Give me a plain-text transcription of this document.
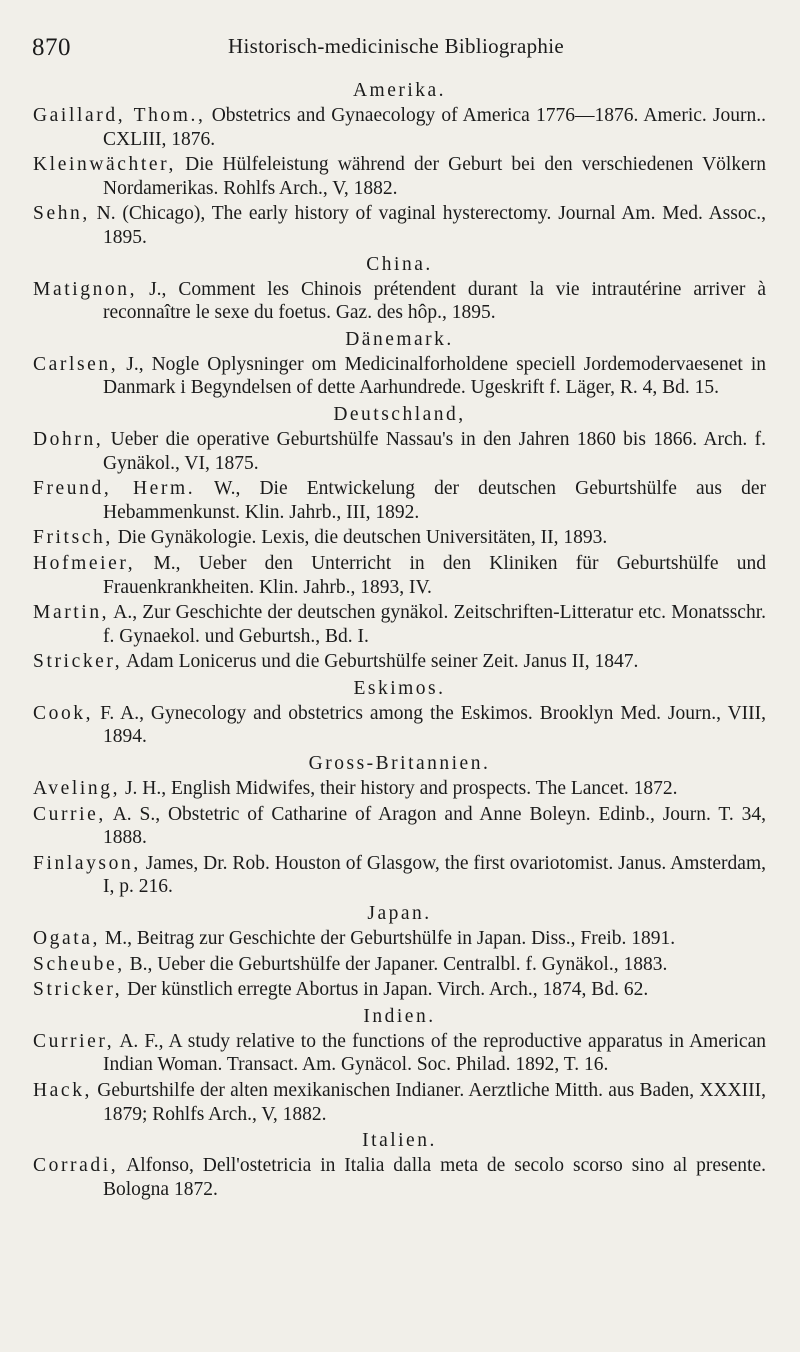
870	Historisch-medicinische Bibliographie
Amerika.
Gaillard, Thom., Obstetrics and Gynaecology of America 1776—1876. Americ. Journ.. CXLIII, 1876.
Kleinwächter, Die Hülfeleistung während der Geburt bei den verschiedenen Völkern Nordamerikas. Rohlfs Arch., V, 1882.
Sehn, N. (Chicago), The early history of vaginal hysterectomy. Journal Am. Med. Assoc., 1895.
China.
Matignon, J., Comment les Chinois prétendent durant la vie intrautérine arriver à reconnaître le sexe du foetus. Gaz. des hôp., 1895.
Dänemark.
Carlsen, J., Nogle Oplysninger om Medicinalforholdene speciell Jordemodervaesenet in Danmark i Begyndelsen of dette Aarhundrede. Ugeskrift f. Läger, R. 4, Bd. 15.
Deutschland,
Dohrn, Ueber die operative Geburtshülfe Nassau's in den Jahren 1860 bis 1866. Arch. f. Gynäkol., VI, 1875.
Freund, Herm. W., Die Entwickelung der deutschen Geburtshülfe aus der Hebammenkunst. Klin. Jahrb., III, 1892.
Fritsch, Die Gynäkologie. Lexis, die deutschen Universitäten, II, 1893.
Hofmeier, M., Ueber den Unterricht in den Kliniken für Geburtshülfe und Frauenkrankheiten. Klin. Jahrb., 1893, IV.
Martin, A., Zur Geschichte der deutschen gynäkol. Zeitschriften-Litteratur etc. Monatsschr. f. Gynaekol. und Geburtsh., Bd. I.
Stricker, Adam Lonicerus und die Geburtshülfe seiner Zeit. Janus II, 1847.
Eskimos.
Cook, F. A., Gynecology and obstetrics among the Eskimos. Brooklyn Med. Journ., VIII, 1894.
Gross-Britannien.
Aveling, J. H., English Midwifes, their history and prospects. The Lancet. 1872.
Currie, A. S., Obstetric of Catharine of Aragon and Anne Boleyn. Edinb., Journ. T. 34, 1888.
Finlayson, James, Dr. Rob. Houston of Glasgow, the first ovariotomist. Janus. Amsterdam, I, p. 216.
Japan.
Ogata, M., Beitrag zur Geschichte der Geburtshülfe in Japan. Diss., Freib. 1891.
Scheube, B., Ueber die Geburtshülfe der Japaner. Centralbl. f. Gynäkol., 1883.
Stricker, Der künstlich erregte Abortus in Japan. Virch. Arch., 1874, Bd. 62.
Indien.
Currier, A. F., A study relative to the functions of the reproductive apparatus in American Indian Woman. Transact. Am. Gynäcol. Soc. Philad. 1892, T. 16.
Hack, Geburtshilfe der alten mexikanischen Indianer. Aerztliche Mitth. aus Baden, XXXIII, 1879; Rohlfs Arch., V, 1882.
Italien.
Corradi, Alfonso, Dell'ostetricia in Italia dalla meta de secolo scorso sino al presente. Bologna 1872.
